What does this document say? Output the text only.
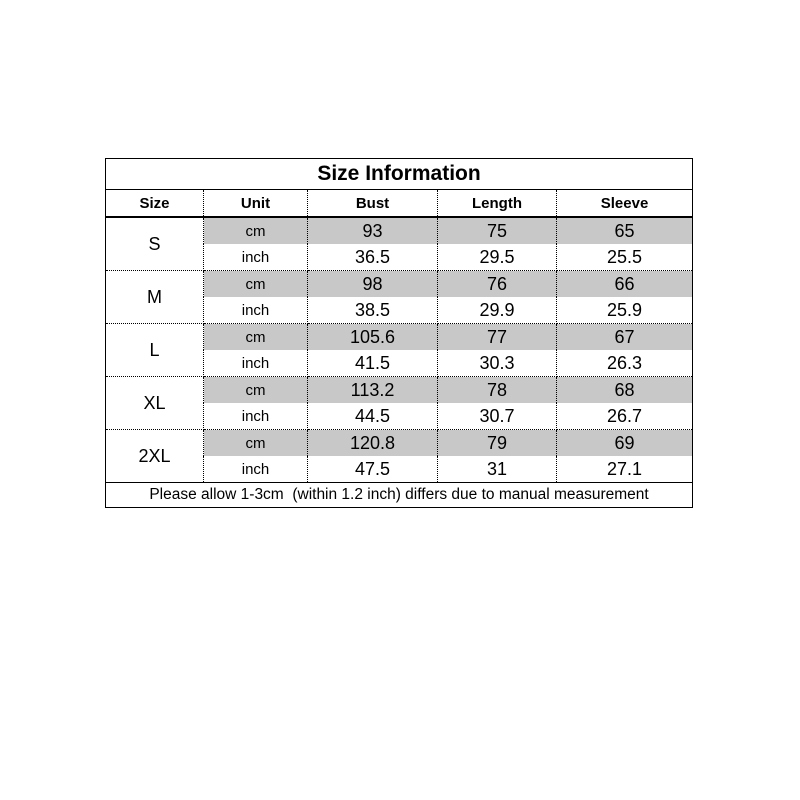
Size Information				
Size	Unit	Bust	Length	Sleeve
S	cm	93	75	65
	inch	36.5	29.5	25.5
M	cm	98	76	66
	inch	38.5	29.9	25.9
L	cm	105.6	77	67
	inch	41.5	30.3	26.3
XL	cm	113.2	78	68
	inch	44.5	30.7	26.7
2XL	cm	120.8	79	69
	inch	47.5	31	27.1
Please allow 1-3cm  (within 1.2 inch) differs due to manual measurement				
